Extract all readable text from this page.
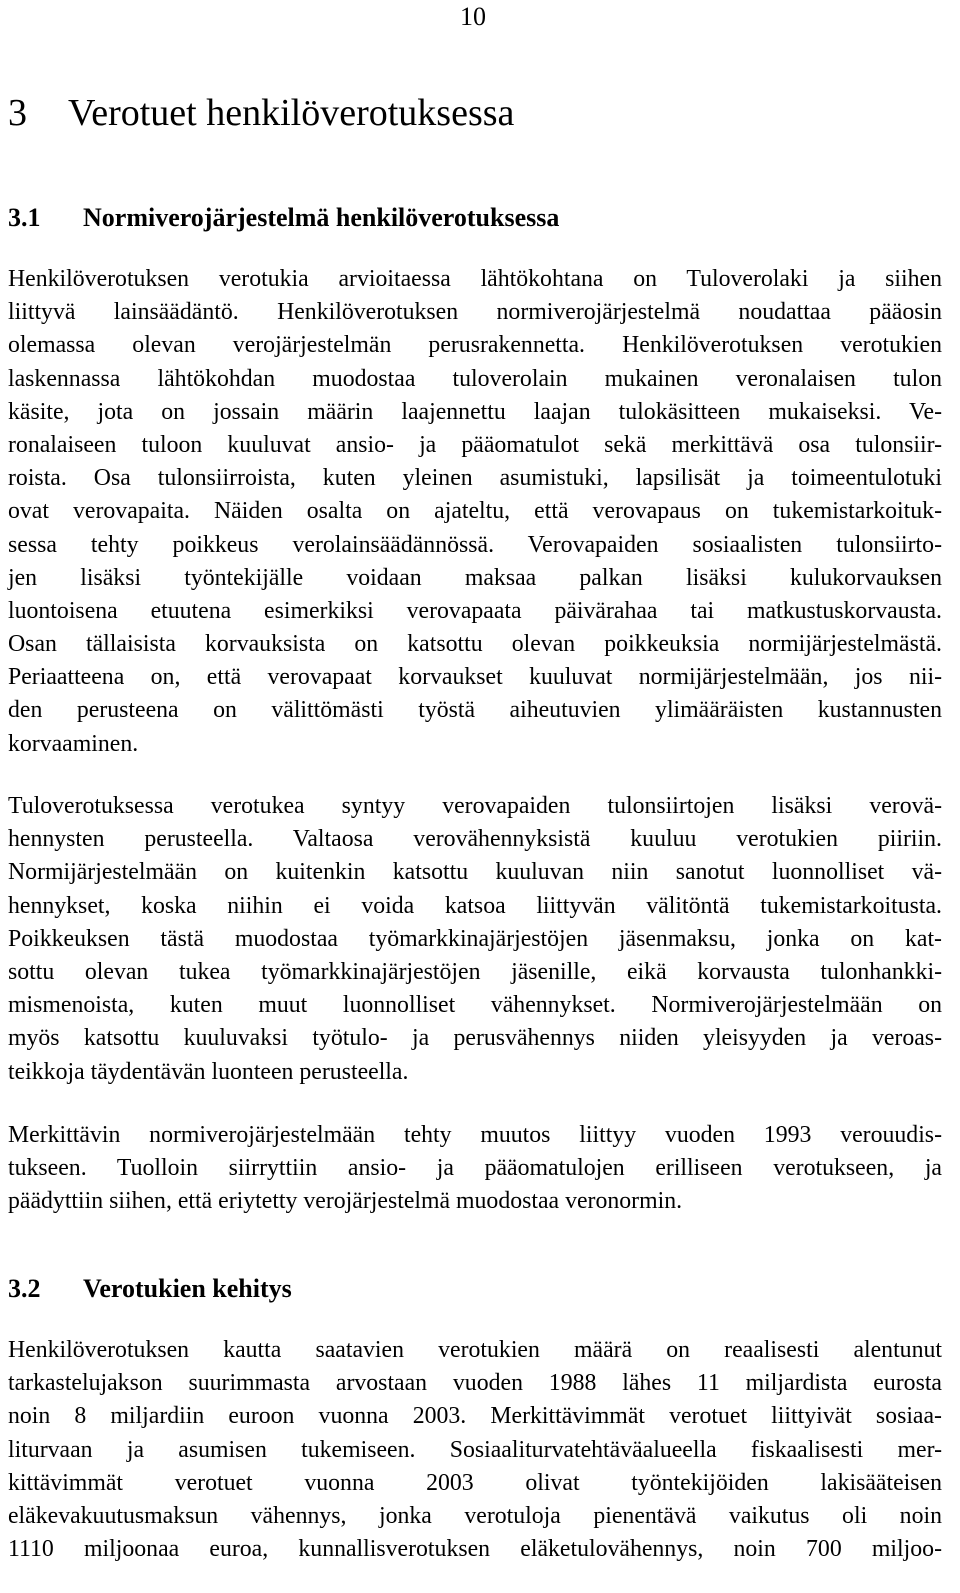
10
3 Verotuet henkilöverotuksessa
3.1 Normiverojärjestelmä henkilöverotuksessa
Henkilöverotuksen verotukia arvioitaessa lähtökohtana on Tuloverolaki ja siihen
liittyvä lainsäädäntö. Henkilöverotuksen normiverojärjestelmä noudattaa pääosin
olemassa olevan verojärjestelmän perusrakennetta. Henkilöverotuksen verotukien
laskennassa lähtökohdan muodostaa tuloverolain mukainen veronalaisen tulon
käsite, jota on jossain määrin laajennettu laajan tulokäsitteen mukaiseksi. Ve-
ronalaiseen tuloon kuuluvat ansio- ja pääomatulot sekä merkittävä osa tulonsiir-
roista. Osa tulonsiirroista, kuten yleinen asumistuki, lapsilisät ja toimeentulotuki
ovat verovapaita. Näiden osalta on ajateltu, että verovapaus on tukemistarkoituk-
sessa tehty poikkeus verolainsäädännössä. Verovapaiden sosiaalisten tulonsiirto-
jen lisäksi työntekijälle voidaan maksaa palkan lisäksi kulukorvauksen
luontoisena etuutena esimerkiksi verovapaata päivärahaa tai matkustuskorvausta.
Osan tällaisista korvauksista on katsottu olevan poikkeuksia normijärjestelmästä.
Periaatteena on, että verovapaat korvaukset kuuluvat normijärjestelmään, jos nii-
den perusteena on välittömästi työstä aiheutuvien ylimääräisten kustannusten
korvaaminen.
Tuloverotuksessa verotukea syntyy verovapaiden tulonsiirtojen lisäksi verovä-
hennysten perusteella. Valtaosa verovähennyksistä kuuluu verotukien piiriin.
Normijärjestelmään on kuitenkin katsottu kuuluvan niin sanotut luonnolliset vä-
hennykset, koska niihin ei voida katsoa liittyvän välitöntä tukemistarkoitusta.
Poikkeuksen tästä muodostaa työmarkkinajärjestöjen jäsenmaksu, jonka on kat-
sottu olevan tukea työmarkkinajärjestöjen jäsenille, eikä korvausta tulonhankki-
mismenoista, kuten muut luonnolliset vähennykset. Normiverojärjestelmään on
myös katsottu kuuluvaksi työtulo- ja perusvähennys niiden yleisyyden ja veroas-
teikkoja täydentävän luonteen perusteella.
Merkittävin normiverojärjestelmään tehty muutos liittyy vuoden 1993 verouudis-
tukseen. Tuolloin siirryttiin ansio- ja pääomatulojen erilliseen verotukseen, ja
päädyttiin siihen, että eriytetty verojärjestelmä muodostaa veronormin.
3.2 Verotukien kehitys
Henkilöverotuksen kautta saatavien verotukien määrä on reaalisesti alentunut
tarkastelujakson suurimmasta arvostaan vuoden 1988 lähes 11 miljardista eurosta
noin 8 miljardiin euroon vuonna 2003. Merkittävimmät verotuet liittyivät sosiaa-
liturvaan ja asumisen tukemiseen. Sosiaaliturvatehtäväalueella fiskaalisesti mer-
kittävimmät verotuet vuonna 2003 olivat työntekijöiden lakisääteisen
eläkevakuutusmaksun vähennys, jonka verotuloja pienentävä vaikutus oli noin
1110 miljoonaa euroa, kunnallisverotuksen eläketulovähennys, noin 700 miljoo-
